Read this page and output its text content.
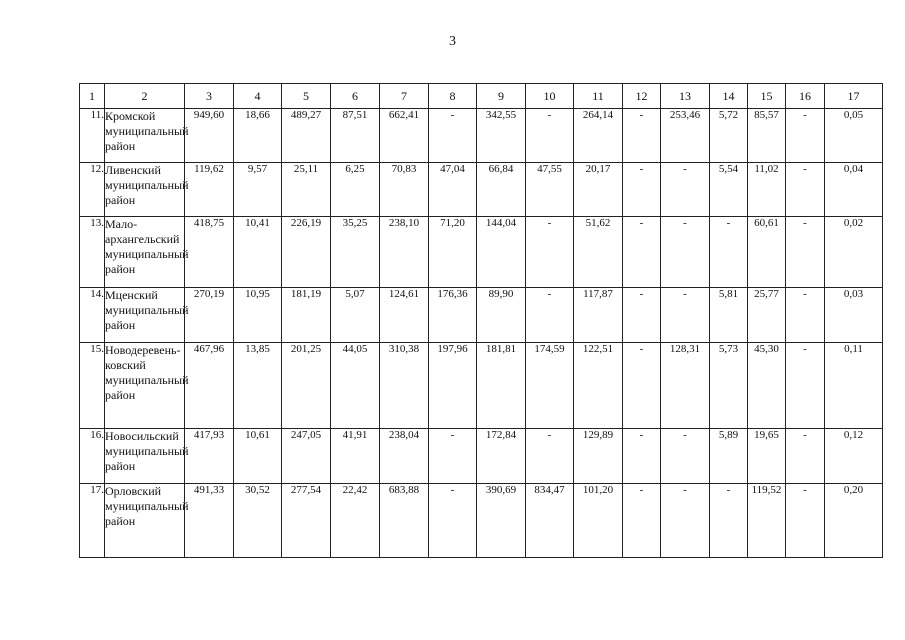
3
1	2	3	4	5	6	7	8	9	10	11	12	13	14	15	16	17
11.	Кромской муниципальный район	949,60	18,66	489,27	87,51	662,41	-	342,55	-	264,14	-	253,46	5,72	85,57	-	0,05
12.	Ливенский муниципальный район	119,62	9,57	25,11	6,25	70,83	47,04	66,84	47,55	20,17	-	-	5,54	11,02	-	0,04
13.	Мало-архангельский муниципальный район	418,75	10,41	226,19	35,25	238,10	71,20	144,04	-	51,62	-	-	-	60,61	-	0,02
14.	Мценский муниципальный район	270,19	10,95	181,19	5,07	124,61	176,36	89,90	-	117,87	-	-	5,81	25,77	-	0,03
15.	Новодеревень-ковский муниципальный район	467,96	13,85	201,25	44,05	310,38	197,96	181,81	174,59	122,51	-	128,31	5,73	45,30	-	0,11
16.	Новосильский муниципальный район	417,93	10,61	247,05	41,91	238,04	-	172,84	-	129,89	-	-	5,89	19,65	-	0,12
17.	Орловский муниципальный район	491,33	30,52	277,54	22,42	683,88	-	390,69	834,47	101,20	-	-	-	119,52	-	0,20
